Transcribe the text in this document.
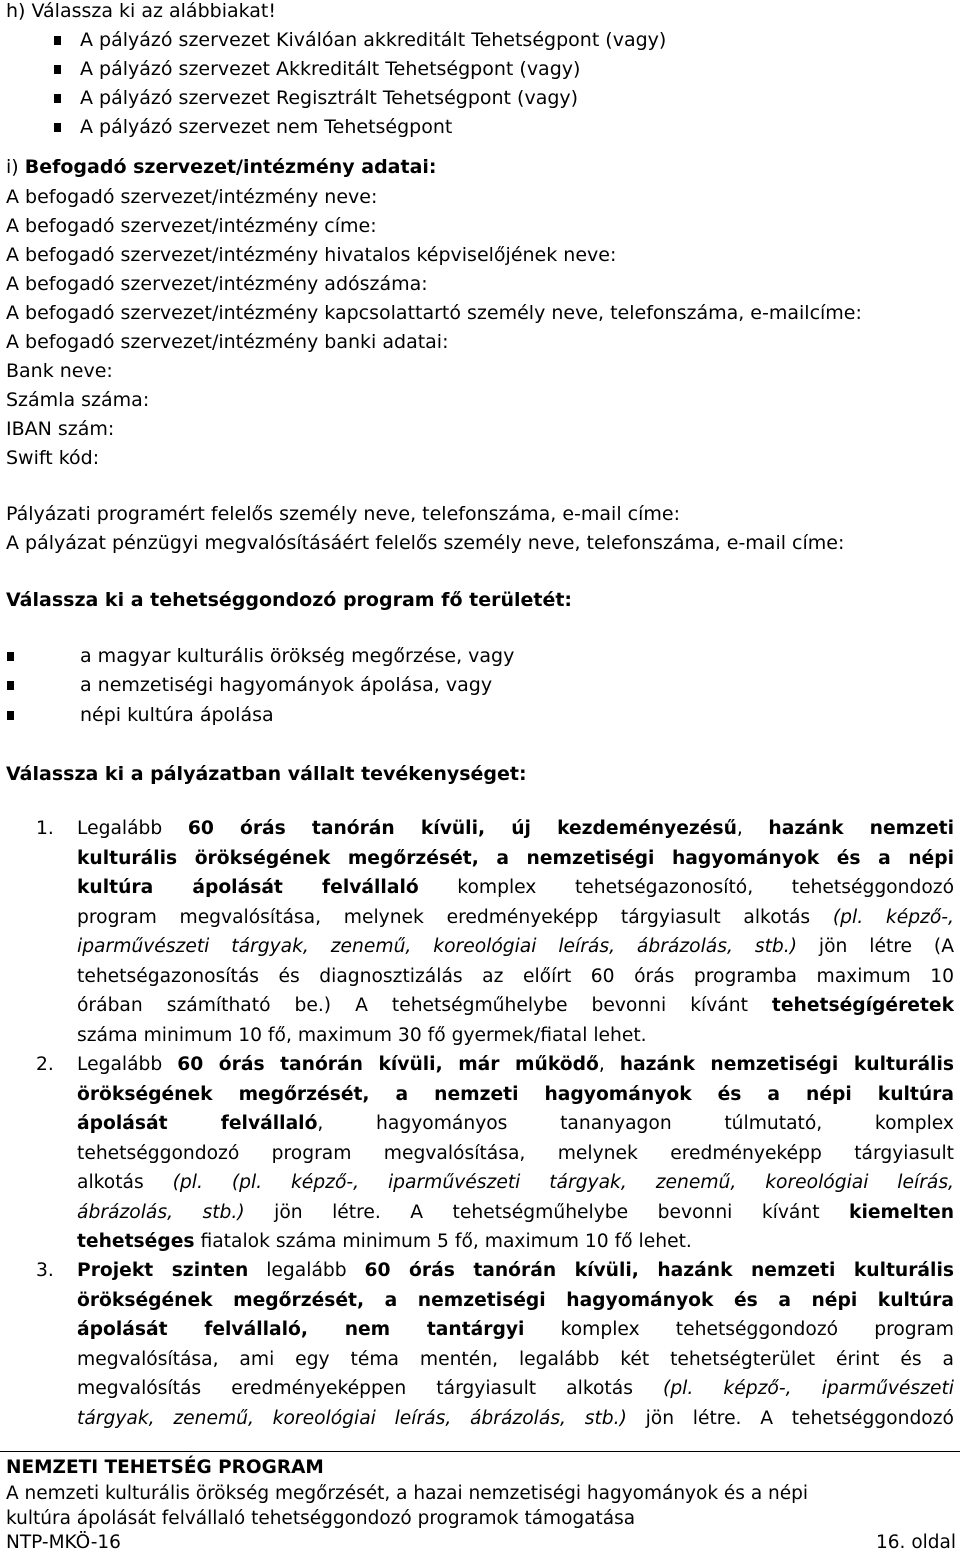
h) Válassza ki az alábbiakat!
A pályázó szervezet Kiválóan akkreditált Tehetségpont (vagy)
A pályázó szervezet Akkreditált Tehetségpont (vagy)
A pályázó szervezet Regisztrált Tehetségpont (vagy)
A pályázó szervezet nem Tehetségpont
i) Befogadó szervezet/intézmény adatai:
A befogadó szervezet/intézmény neve:
A befogadó szervezet/intézmény címe:
A befogadó szervezet/intézmény hivatalos képviselőjének neve:
A befogadó szervezet/intézmény adószáma:
A befogadó szervezet/intézmény kapcsolattartó személy neve, telefonszáma, e-mailcíme:
A befogadó szervezet/intézmény banki adatai:
Bank neve:
Számla száma:
IBAN szám:
Swift kód:
Pályázati programért felelős személy neve, telefonszáma, e-mail címe:
A pályázat pénzügyi megvalósításáért felelős személy neve, telefonszáma, e-mail címe:
Válassza ki a tehetséggondozó program fő területét:
a magyar kulturális örökség megőrzése, vagy
a nemzetiségi hagyományok ápolása, vagy
népi kultúra ápolása
Válassza ki a pályázatban vállalt tevékenységet:
1. Legalább 60 órás tanórán kívüli, új kezdeményezésű, hazánk nemzeti
kulturális örökségének megőrzését, a nemzetiségi hagyományok és a népi
kultúra ápolását felvállaló komplex tehetségazonosító, tehetséggondozó
program megvalósítása, melynek eredményeképp tárgyiasult alkotás (pl. képző-,
iparművészeti tárgyak, zenemű, koreológiai leírás, ábrázolás, stb.) jön létre (A
tehetségazonosítás és diagnosztizálás az előírt 60 órás programba maximum 10
órában számítható be.) A tehetségműhelybe bevonni kívánt tehetségígéretek
száma minimum 10 fő, maximum 30 fő gyermek/fiatal lehet.
2. Legalább 60 órás tanórán kívüli, már működő, hazánk nemzetiségi kulturális
örökségének megőrzését, a nemzeti hagyományok és a népi kultúra
ápolását felvállaló, hagyományos tananyagon túlmutató, komplex
tehetséggondozó program megvalósítása, melynek eredményeképp tárgyiasult
alkotás (pl. (pl. képző-, iparművészeti tárgyak, zenemű, koreológiai leírás,
ábrázolás, stb.) jön létre. A tehetségműhelybe bevonni kívánt kiemelten
tehetséges fiatalok száma minimum 5 fő, maximum 10 fő lehet.
3. Projekt szinten legalább 60 órás tanórán kívüli, hazánk nemzeti kulturális
örökségének megőrzését, a nemzetiségi hagyományok és a népi kultúra
ápolását felvállaló, nem tantárgyi komplex tehetséggondozó program
megvalósítása, ami egy téma mentén, legalább két tehetségterület érint és a
megvalósítás eredményeképpen tárgyiasult alkotás (pl. képző-, iparművészeti
tárgyak, zenemű, koreológiai leírás, ábrázolás, stb.) jön létre. A tehetséggondozó
NEMZETI TEHETSÉG PROGRAM
A nemzeti kulturális örökség megőrzését, a hazai nemzetiségi hagyományok és a népi
kultúra ápolását felvállaló tehetséggondozó programok támogatása
NTP-MKÖ-16	16. oldal
